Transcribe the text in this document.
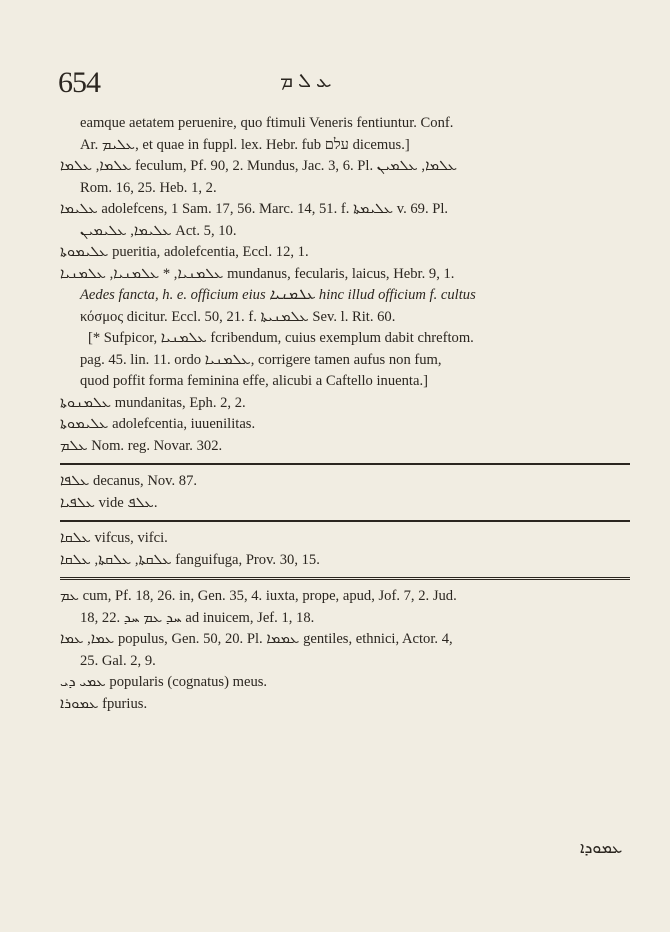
654	ܥ ܠ ܡ
eamque aetatem peruenire, quo ftimuli Veneris fentiuntur. Conf.
Ar. ܥܠܝܡ, et quae in fuppl. lex. Hebr. fub עלם dicemus.]
ܥܠܡܐ, ܥܠܡܐ feculum, Pf. 90, 2. Mundus, Jac. 3, 6. Pl. ܥܠܡܐ, ܥܠܡܝܢ
Rom. 16, 25. Heb. 1, 2.
ܥܠܝܡܐ adolefcens, 1 Sam. 17, 56. Marc. 14, 51. f. ܥܠܝܡܬܐ v. 69. Pl.
ܥܠܝܡܐ, ܥܠܝܡܝܢ Act. 5, 10.
ܥܠܝܡܘܬܐ pueritia, adolefcentia, Eccl. 12, 1.
ܥܠܡܢܝܐ, * ܥܠܡܢܝܐ, ܥܠܡܢܝܐ mundanus, fecularis, laicus, Hebr. 9, 1.
Aedes fancta, h. e. officium eius ܥܠܡܢܝܐ hinc illud officium f. cultus
κόσμος dicitur. Eccl. 50, 21. f. ܥܠܡܢܝܬܐ Sev. l. Rit. 60.
[* Sufpicor, ܥܠܡܢܝܐ fcribendum, cuius exemplum dabit chreftom.
pag. 45. lin. 11. ordo ܥܠܡܢܝܐ, corrigere tamen aufus non fum,
quod poffit forma feminina effe, alicubi a Caftello inuenta.]
ܥܠܡܢܘܬܐ mundanitas, Eph. 2, 2.
ܥܠܝܡܘܬܐ adolefcentia, iuuenilitas.
ܥܠܡ Nom. reg. Novar. 302.
ܥܠܦܐ decanus, Nov. 87.
ܥܠܦܝܐ vide ܥܠܦ.
ܥܠܩܐ vifcus, vifci.
ܥܠܩܬܐ, ܥܠܩܬܐ, ܥܠܩܐ fanguifuga, Prov. 30, 15.
ܥܡ cum, Pf. 18, 26. in, Gen. 35, 4. iuxta, prope, apud, Jof. 7, 2. Jud.
18, 22. ܚܕ ܥܡ ܚܕ ad inuicem, Jef. 1, 18.
ܥܡܐ, ܥܡܐ populus, Gen. 50, 20. Pl. ܥܡܡܐ gentiles, ethnici, Actor. 4,
25. Gal. 2, 9.
ܥܡܝ ܕܝ popularis (cognatus) meus.
ܥܡܘܪܐ fpurius.
ܥܡܘܕܐ
